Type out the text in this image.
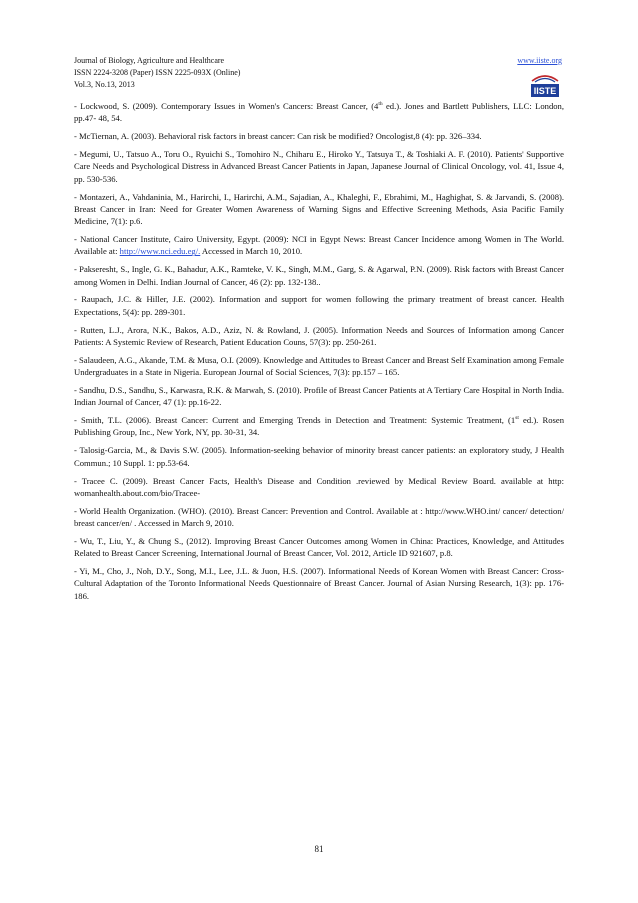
Journal of Biology, Agriculture and Healthcare
ISSN 2224-3208 (Paper) ISSN 2225-093X (Online)
Vol.3, No.13, 2013
www.iiste.org
IISTE

- Lockwood, S. (2009). Contemporary Issues in Women's Cancers: Breast Cancer, (4th ed.). Jones and Bartlett Publishers, LLC: London, pp.47- 48, 54.

- McTiernan, A. (2003). Behavioral risk factors in breast cancer: Can risk be modified? Oncologist,8 (4): pp. 326–334.

- Megumi, U., Tatsuo A., Toru O., Ryuichi S., Tomohiro N., Chiharu E., Hiroko Y., Tatsuya T., & Toshiaki A. F. (2010). Patients' Supportive Care Needs and Psychological Distress in Advanced Breast Cancer Patients in Japan, Japanese Journal of Clinical Oncology, vol. 41, Issue 4, pp. 530-536.

- Montazeri, A., Vahdaninia, M., Harirchi, I., Harirchi, A.M., Sajadian, A., Khaleghi, F., Ebrahimi, M., Haghighat, S. & Jarvandi, S. (2008). Breast Cancer in Iran: Need for Greater Women Awareness of Warning Signs and Effective Screening Methods, Asia Pacific Family Medicine, 7(1): p.6.

- National Cancer Institute, Cairo University, Egypt. (2009): NCI in Egypt News: Breast Cancer Incidence among Women in The World. Available at: http://www.nci.edu.eg/. Accessed in March 10, 2010.

- Pakseresht, S., Ingle, G. K., Bahadur, A.K., Ramteke, V. K., Singh, M.M., Garg, S. & Agarwal, P.N. (2009). Risk factors with Breast Cancer among Women in Delhi. Indian Journal of Cancer, 46 (2): pp. 132-138..

- Raupach, J.C. & Hiller, J.E. (2002). Information and support for women following the primary treatment of breast cancer. Health Expectations, 5(4): pp. 289-301.

- Rutten, L.J., Arora, N.K., Bakos, A.D., Aziz, N. & Rowland, J. (2005). Information Needs and Sources of Information among Cancer Patients: A Systemic Review of Research, Patient Education Couns, 57(3): pp. 250-261.

- Salaudeen, A.G., Akande, T.M. & Musa, O.I. (2009). Knowledge and Attitudes to Breast Cancer and Breast Self Examination among Female Undergraduates in a State in Nigeria. European Journal of Social Sciences, 7(3): pp.157 – 165.

- Sandhu, D.S., Sandhu, S., Karwasra, R.K. & Marwah, S. (2010). Profile of Breast Cancer Patients at A Tertiary Care Hospital in North India. Indian Journal of Cancer, 47 (1): pp.16-22.

- Smith, T.L. (2006). Breast Cancer: Current and Emerging Trends in Detection and Treatment: Systemic Treatment, (1st ed.). Rosen Publishing Group, Inc., New York, NY, pp. 30-31, 34.

- Talosig-Garcia, M., & Davis S.W. (2005). Information-seeking behavior of minority breast cancer patients: an exploratory study, J Health Commun.; 10 Suppl. 1: pp.53-64.

- Tracee C. (2009). Breast Cancer Facts, Health's Disease and Condition .reviewed by Medical Review Board. available at http: womanhealth.about.com/bio/Tracee-

- World Health Organization. (WHO). (2010). Breast Cancer: Prevention and Control. Available at : http://www.WHO.int/ cancer/ detection/ breast cancer/en/ . Accessed in March 9, 2010.

- Wu, T., Liu, Y., & Chung S., (2012). Improving Breast Cancer Outcomes among Women in China: Practices, Knowledge, and Attitudes Related to Breast Cancer Screening, International Journal of Breast Cancer, Vol. 2012, Article ID 921607, p.8.

- Yi, M., Cho, J., Noh, D.Y., Song, M.I., Lee, J.L. & Juon, H.S. (2007). Informational Needs of Korean Women with Breast Cancer: Cross-Cultural Adaptation of the Toronto Informational Needs Questionnaire of Breast Cancer. Journal of Asian Nursing Research, 1(3): pp. 176-186.

81
